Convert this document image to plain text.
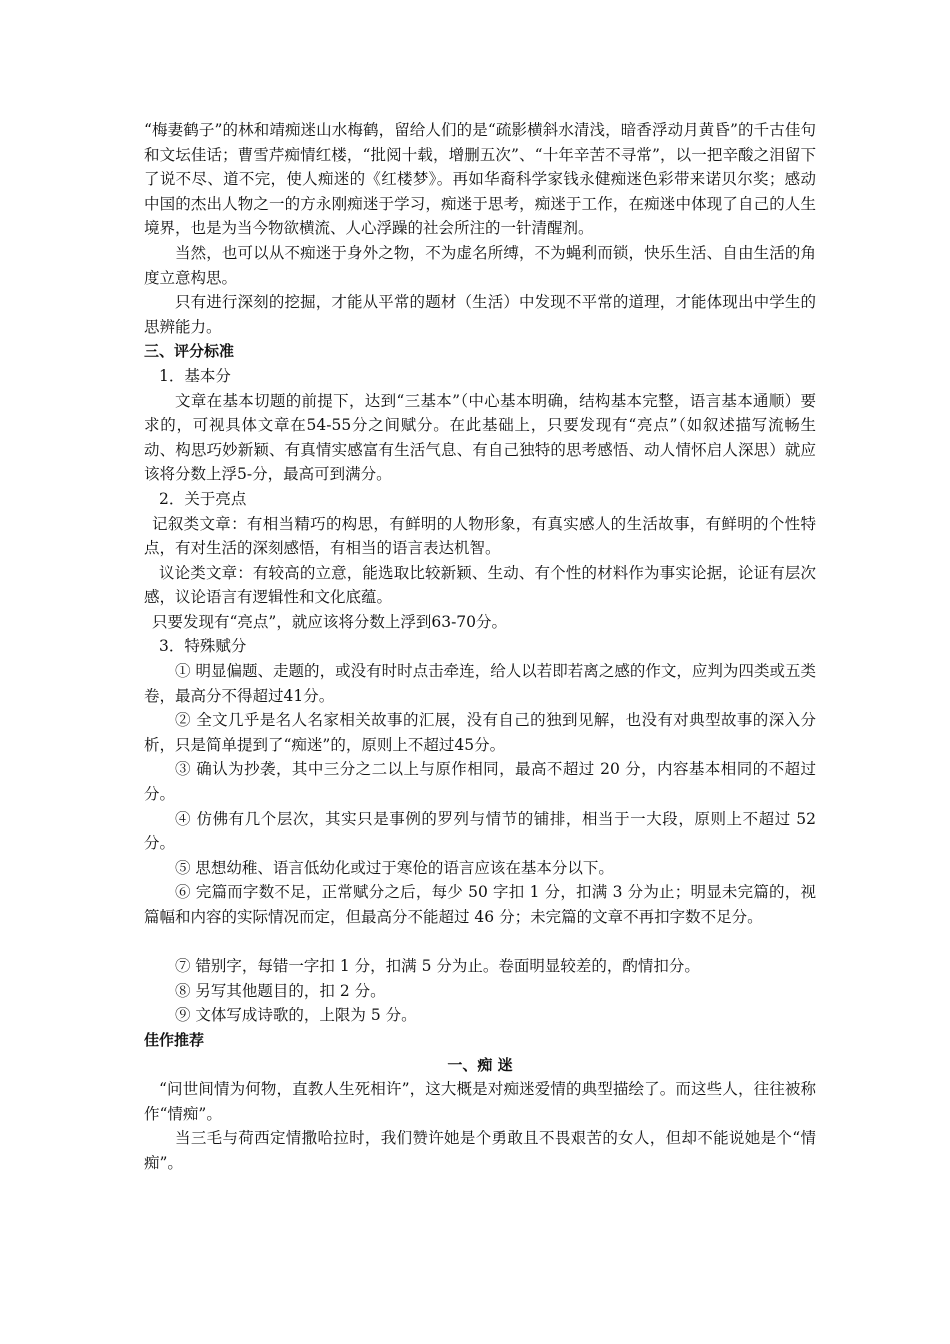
“梅妻鹤子”的林和靖痴迷山水梅鹤，留给人们的是“疏影横斜水清浅，暗香浮动月黄昏”的千古佳句和文坛佳话；曹雪芹痴情红楼，“批阅十载，增删五次”、“十年辛苦不寻常”，以一把辛酸之泪留下了说不尽、道不完，使人痴迷的《红楼梦》。再如华裔科学家钱永健痴迷色彩带来诺贝尔奖；感动中国的杰出人物之一的方永刚痴迷于学习，痴迷于思考，痴迷于工作，在痴迷中体现了自己的人生境界，也是为当今物欲横流、人心浮躁的社会所注的一针清醒剂。

当然，也可以从不痴迷于身外之物，不为虚名所缚，不为蝇利而锁，快乐生活、自由生活的角度立意构思。

只有进行深刻的挖掘，才能从平常的题材（生活）中发现不平常的道理，才能体现出中学生的思辨能力。

三、评分标准

1．基本分

文章在基本切题的前提下，达到“三基本”（中心基本明确，结构基本完整，语言基本通顺）要求的，可视具体文章在54-55分之间赋分。在此基础上，只要发现有“亮点”（如叙述描写流畅生动、构思巧妙新颖、有真情实感富有生活气息、有自己独特的思考感悟、动人情怀启人深思）就应该将分数上浮5-分，最高可到满分。

2．关于亮点

记叙类文章：有相当精巧的构思，有鲜明的人物形象，有真实感人的生活故事，有鲜明的个性特点，有对生活的深刻感悟，有相当的语言表达机智。

议论类文章：有较高的立意，能选取比较新颖、生动、有个性的材料作为事实论据，论证有层次感，议论语言有逻辑性和文化底蕴。

只要发现有“亮点”，就应该将分数上浮到63-70分。

3．特殊赋分

① 明显偏题、走题的，或没有时时点击牵连，给人以若即若离之感的作文，应判为四类或五类卷，最高分不得超过41分。

② 全文几乎是名人名家相关故事的汇展，没有自己的独到见解，也没有对典型故事的深入分析，只是简单提到了“痴迷”的，原则上不超过45分。

③ 确认为抄袭，其中三分之二以上与原作相同，最高不超过 20 分，内容基本相同的不超过分。

④ 仿佛有几个层次，其实只是事例的罗列与情节的铺排，相当于一大段，原则上不超过 52 分。

⑤ 思想幼稚、语言低幼化或过于寒伧的语言应该在基本分以下。

⑥ 完篇而字数不足，正常赋分之后，每少 50 字扣 1 分，扣满 3 分为止；明显未完篇的，视篇幅和内容的实际情况而定，但最高分不能超过 46 分；未完篇的文章不再扣字数不足分。

⑦ 错别字，每错一字扣 1 分，扣满 5 分为止。卷面明显较差的，酌情扣分。

⑧ 另写其他题目的，扣 2 分。

⑨ 文体写成诗歌的，上限为 5 分。

佳作推荐

一、痴 迷

“问世间情为何物，直教人生死相许”，这大概是对痴迷爱情的典型描绘了。而这些人，往往被称作“情痴”。

当三毛与荷西定情撒哈拉时，我们赞许她是个勇敢且不畏艰苦的女人，但却不能说她是个“情痴”。
